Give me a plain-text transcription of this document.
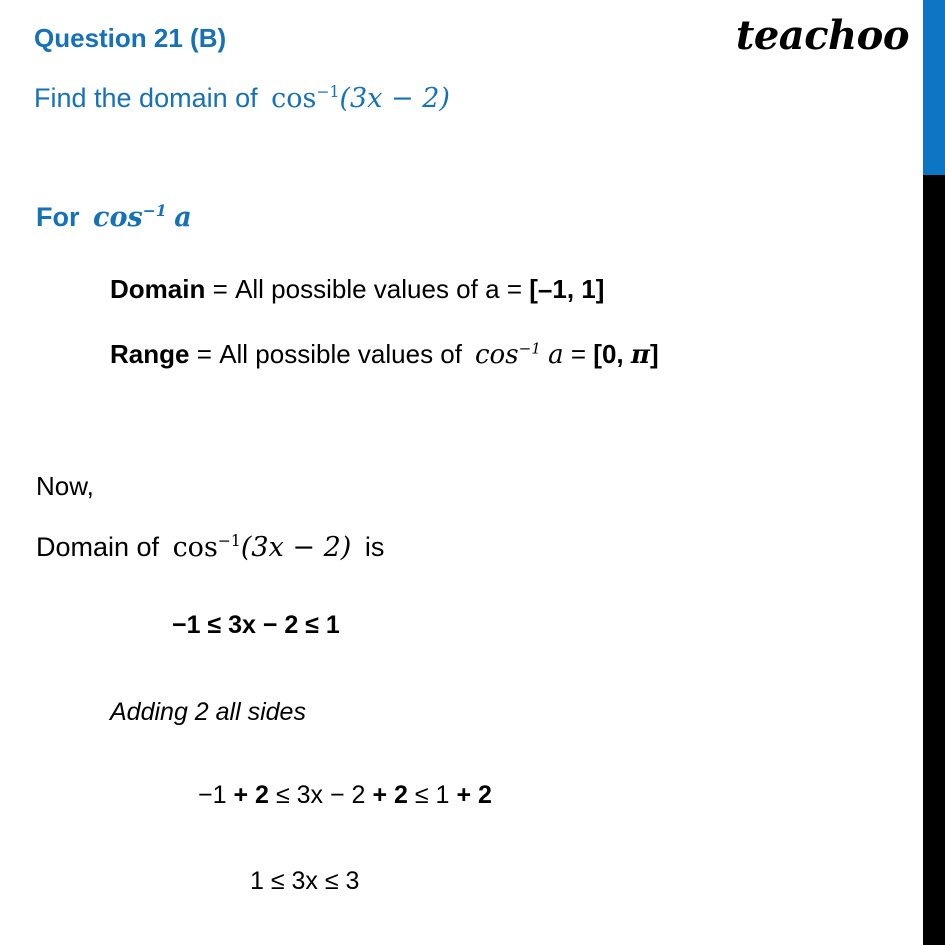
teachoo
Question 21 (B)
Find the domain of $\cos^{-1}(3x - 2)$
For $\cos^{-1} a$
Domain = All possible values of a = [–1, 1]
Range = All possible values of $\cos^{-1} a = [0$, π]
Now,
Domain of $\cos^{-1}(3x - 2)$ is
−1 ≤ 3x − 2 ≤ 1
Adding 2 all sides
−1 + 2 ≤ 3x − 2 + 2 ≤ 1 + 2
1 ≤ 3x ≤ 3
